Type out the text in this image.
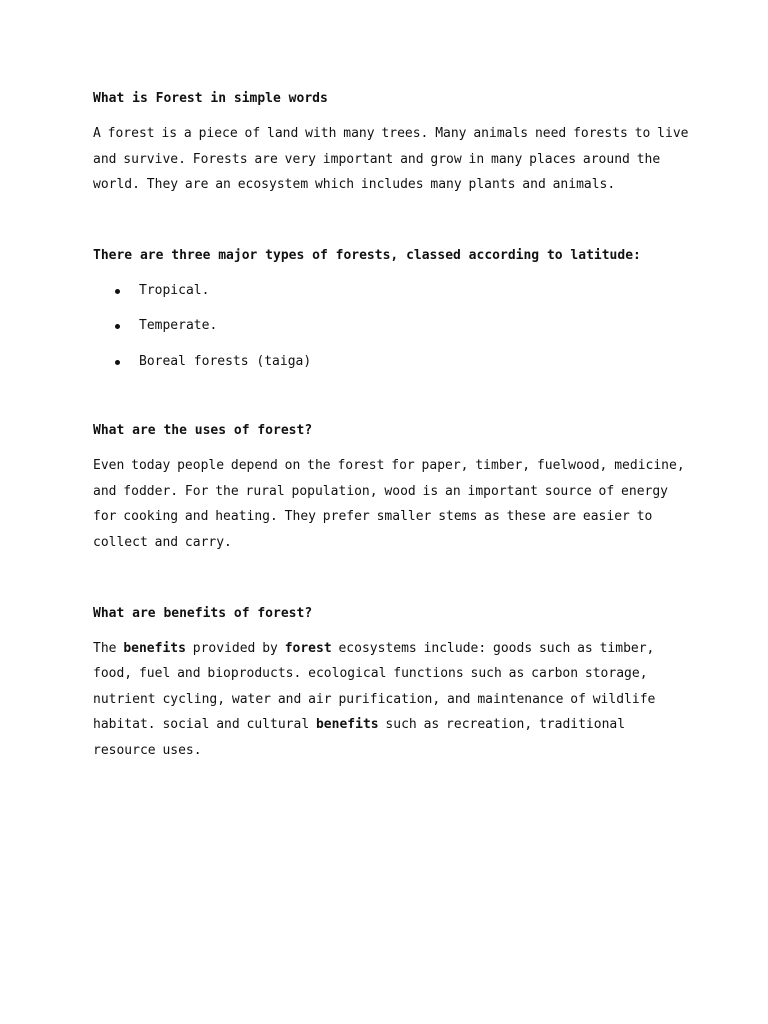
What is Forest in simple words

A forest is a piece of land with many trees. Many animals need forests to live and survive. Forests are very important and grow in many places around the world. They are an ecosystem which includes many plants and animals.

There are three major types of forests, classed according to latitude:

Tropical.
Temperate.
Boreal forests (taiga)

What are the uses of forest?

Even today people depend on the forest for paper, timber, fuelwood, medicine, and fodder. For the rural population, wood is an important source of energy for cooking and heating. They prefer smaller stems as these are easier to collect and carry.

What are benefits of forest?

The benefits provided by forest ecosystems include: goods such as timber, food, fuel and bioproducts. ecological functions such as carbon storage, nutrient cycling, water and air purification, and maintenance of wildlife habitat. social and cultural benefits such as recreation, traditional resource uses.
